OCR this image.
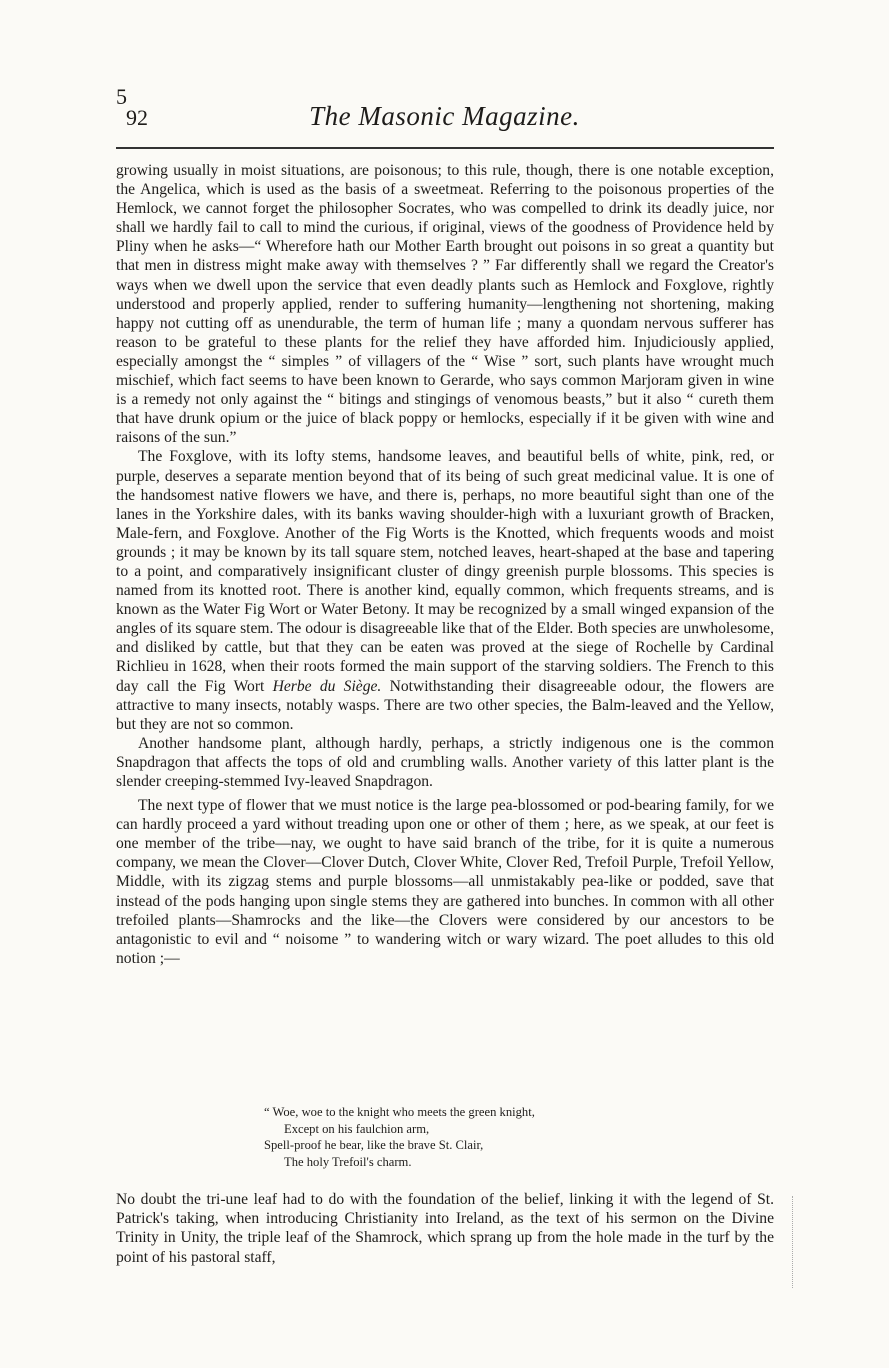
5
92	The Masonic Magazine.

growing usually in moist situations, are poisonous; to this rule, though, there is one notable exception, the Angelica, which is used as the basis of a sweetmeat. Referring to the poisonous properties of the Hemlock, we cannot forget the philosopher Socrates, who was compelled to drink its deadly juice, nor shall we hardly fail to call to mind the curious, if original, views of the goodness of Providence held by Pliny when he asks—“ Wherefore hath our Mother Earth brought out poisons in so great a quantity but that men in distress might make away with themselves ? ” Far differently shall we regard the Creator's ways when we dwell upon the service that even deadly plants such as Hemlock and Foxglove, rightly understood and properly applied, render to suffering humanity—lengthening not shortening, making happy not cutting off as unendurable, the term of human life ; many a quondam nervous sufferer has reason to be grateful to these plants for the relief they have afforded him. Injudiciously applied, especially amongst the “ simples ” of villagers of the “ Wise ” sort, such plants have wrought much mischief, which fact seems to have been known to Gerarde, who says common Marjoram given in wine is a remedy not only against the “ bitings and stingings of venomous beasts,” but it also “ cureth them that have drunk opium or the juice of black poppy or hemlocks, especially if it be given with wine and raisons of the sun.”

The Foxglove, with its lofty stems, handsome leaves, and beautiful bells of white, pink, red, or purple, deserves a separate mention beyond that of its being of such great medicinal value. It is one of the handsomest native flowers we have, and there is, perhaps, no more beautiful sight than one of the lanes in the Yorkshire dales, with its banks waving shoulder-high with a luxuriant growth of Bracken, Male-fern, and Foxglove. Another of the Fig Worts is the Knotted, which frequents woods and moist grounds ; it may be known by its tall square stem, notched leaves, heart-shaped at the base and tapering to a point, and comparatively insignificant cluster of dingy greenish purple blossoms. This species is named from its knotted root. There is another kind, equally common, which frequents streams, and is known as the Water Fig Wort or Water Betony. It may be recognized by a small winged expansion of the angles of its square stem. The odour is disagreeable like that of the Elder. Both species are unwholesome, and disliked by cattle, but that they can be eaten was proved at the siege of Rochelle by Cardinal Richlieu in 1628, when their roots formed the main support of the starving soldiers. The French to this day call the Fig Wort Herbe du Siège. Notwithstanding their disagreeable odour, the flowers are attractive to many insects, notably wasps. There are two other species, the Balm-leaved and the Yellow, but they are not so common.

Another handsome plant, although hardly, perhaps, a strictly indigenous one is the common Snapdragon that affects the tops of old and crumbling walls. Another variety of this latter plant is the slender creeping-stemmed Ivy-leaved Snapdragon.

The next type of flower that we must notice is the large pea-blossomed or pod-bearing family, for we can hardly proceed a yard without treading upon one or other of them ; here, as we speak, at our feet is one member of the tribe—nay, we ought to have said branch of the tribe, for it is quite a numerous company, we mean the Clover—Clover Dutch, Clover White, Clover Red, Trefoil Purple, Trefoil Yellow, Middle, with its zigzag stems and purple blossoms—all unmistakably pea-like or podded, save that instead of the pods hanging upon single stems they are gathered into bunches. In common with all other trefoiled plants—Shamrocks and the like—the Clovers were considered by our ancestors to be antagonistic to evil and “ noisome ” to wandering witch or wary wizard. The poet alludes to this old notion ;—

“ Woe, woe to the knight who meets the green knight,
Except on his faulchion arm,
Spell-proof he bear, like the brave St. Clair,
The holy Trefoil's charm.

No doubt the tri-une leaf had to do with the foundation of the belief, linking it with the legend of St. Patrick's taking, when introducing Christianity into Ireland, as the text of his sermon on the Divine Trinity in Unity, the triple leaf of the Shamrock, which sprang up from the hole made in the turf by the point of his pastoral staff,
